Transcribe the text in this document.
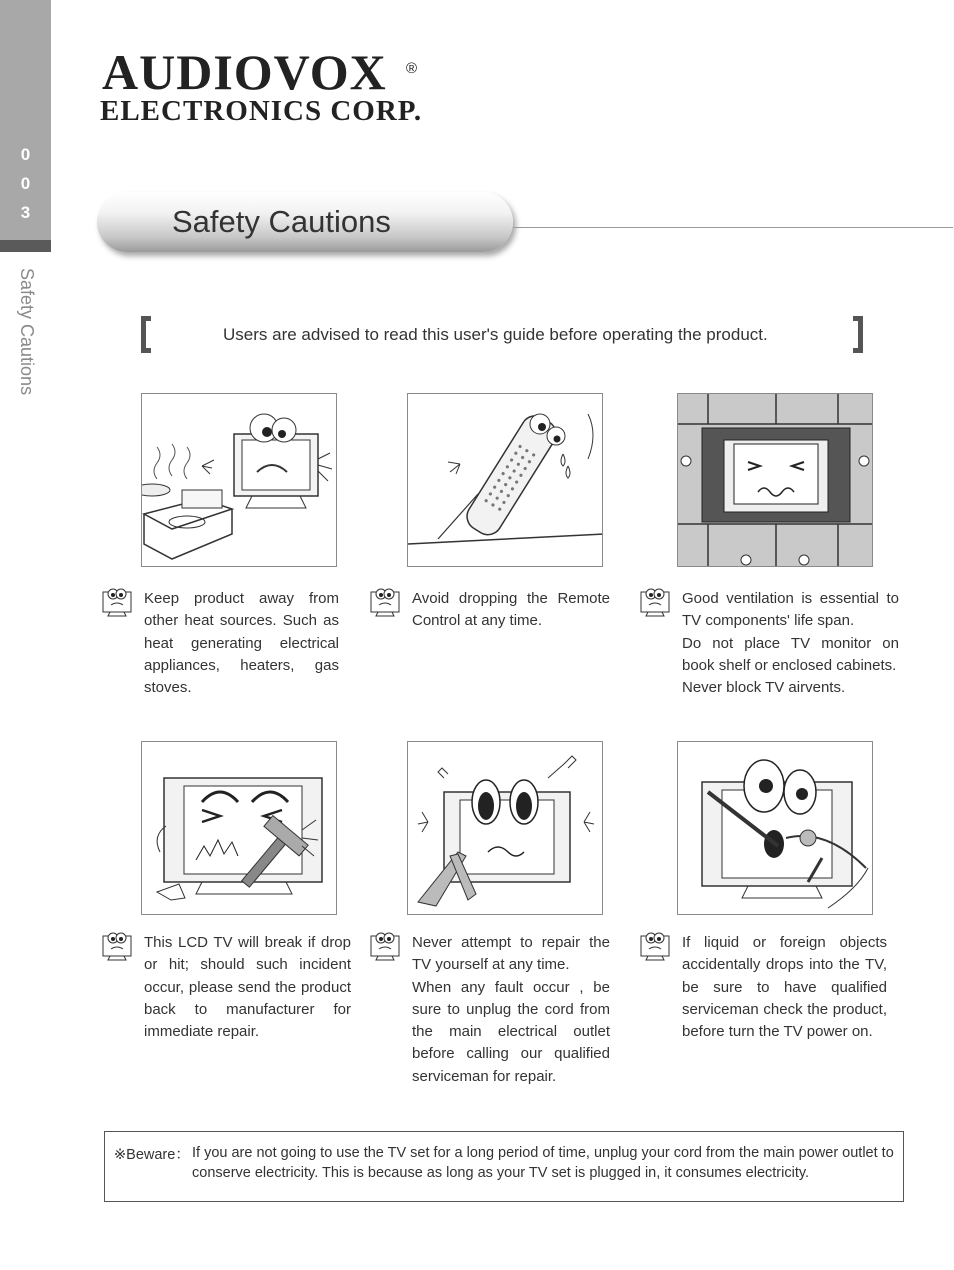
0
0
3
Safety Cautions
AUDIOVOX ®
ELECTRONICS CORP.
Safety Cautions
Users are advised to read this user's guide before operating the product.

Keep product away from other heat sources. Such as heat generating electrical appliances, heaters, gas stoves.

Avoid dropping the Remote Control at any time.

Good ventilation is essential to TV components' life span.

Do not place TV monitor on book shelf or enclosed cabinets.

Never block TV airvents.

This LCD TV will break if drop or hit; should such incident occur, please send the product back to manufacturer for immediate repair.

Never attempt to repair the TV yourself at any time.

When any fault occur , be sure to unplug the cord from the main electrical outlet before calling our qualified serviceman for repair.

If liquid or foreign objects accidentally drops into the TV, be sure to have qualified serviceman check the product, before turn the TV power on.

※Beware： If you are not going to use the TV set for a long period of time, unplug your cord from the main power outlet to conserve electricity. This is because as long as your TV set is plugged in, it consumes electricity.
